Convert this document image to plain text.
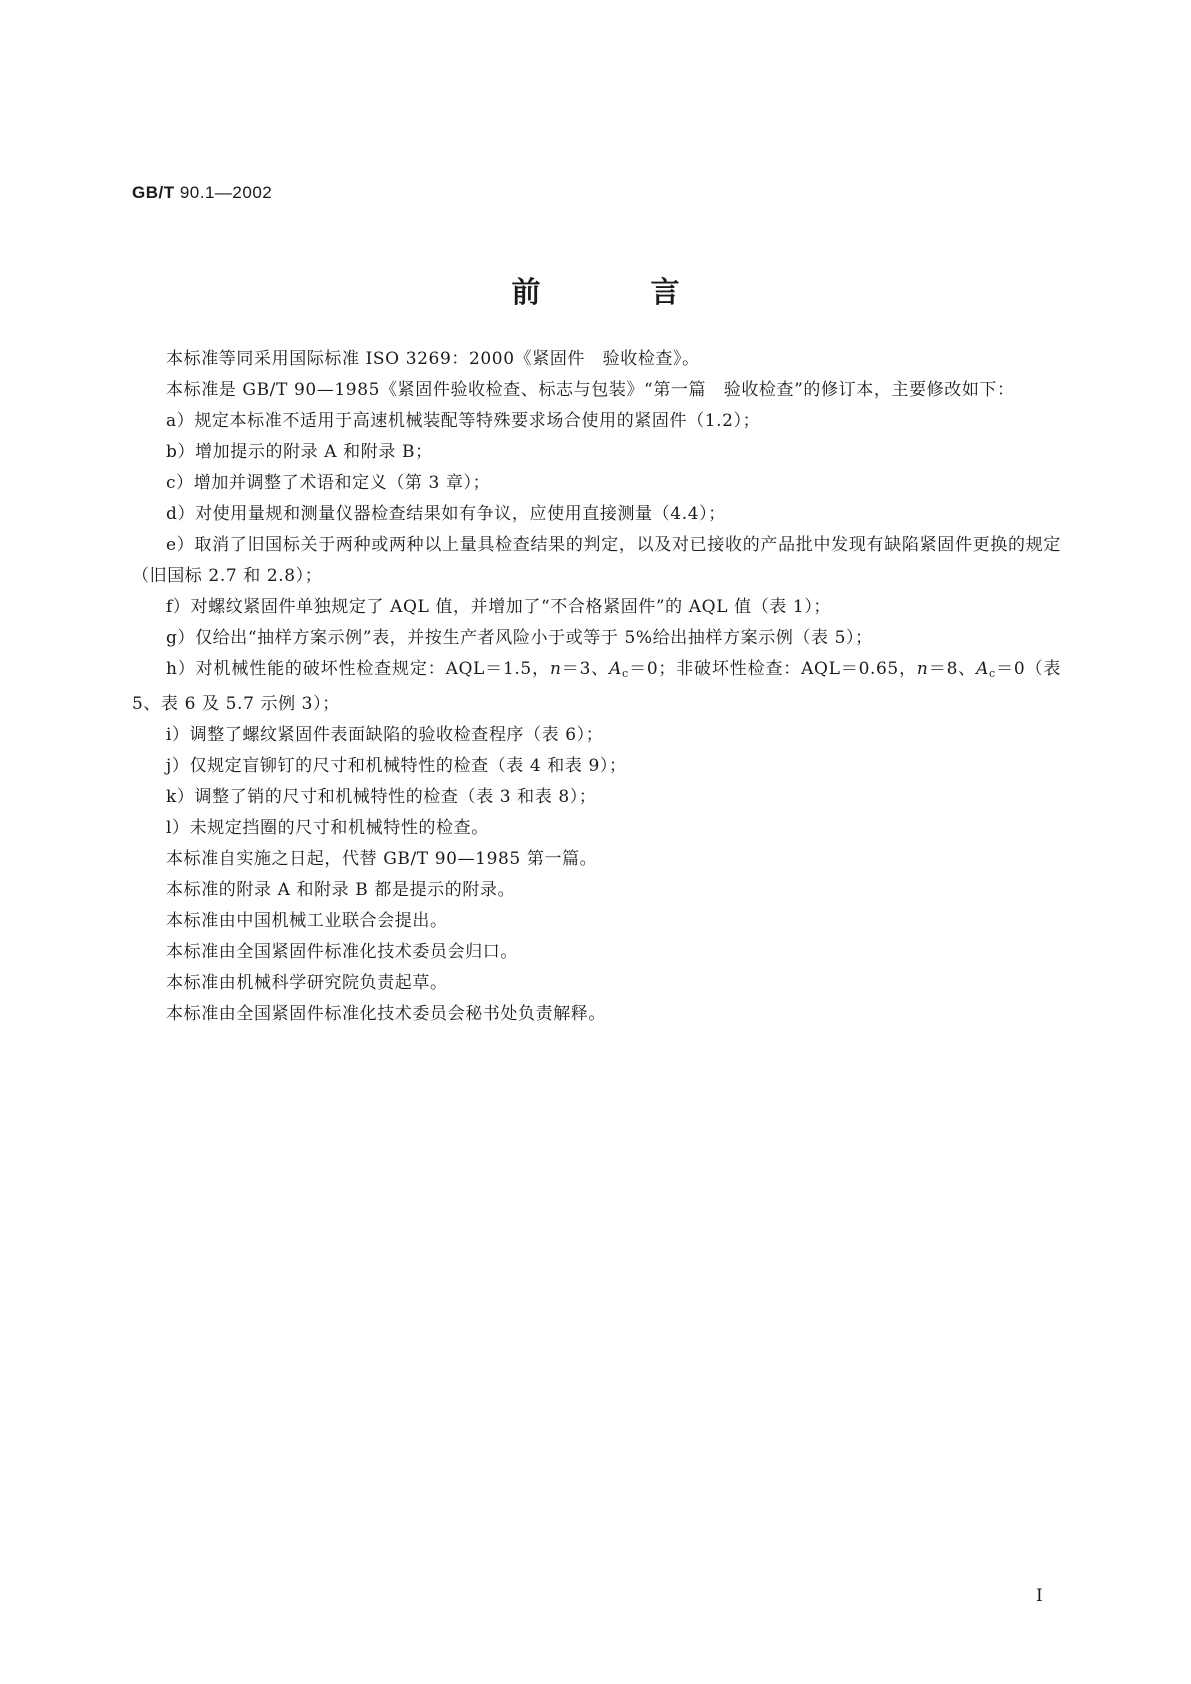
GB/T 90.1—2002
前	言

本标准等同采用国际标准 ISO 3269：2000《紧固件　验收检查》。

本标准是 GB/T 90—1985《紧固件验收检查、标志与包装》“第一篇　验收检查”的修订本，主要修改如下：

a）规定本标准不适用于高速机械装配等特殊要求场合使用的紧固件（1.2）；

b）增加提示的附录 A 和附录 B；

c）增加并调整了术语和定义（第 3 章）；

d）对使用量规和测量仪器检查结果如有争议，应使用直接测量（4.4）；

e）取消了旧国标关于两种或两种以上量具检查结果的判定，以及对已接收的产品批中发现有缺陷紧固件更换的规定（旧国标 2.7 和 2.8）；

f）对螺纹紧固件单独规定了 AQL 值，并增加了“不合格紧固件”的 AQL 值（表 1）；

g）仅给出“抽样方案示例”表，并按生产者风险小于或等于 5%给出抽样方案示例（表 5）；

h）对机械性能的破坏性检查规定：AQL＝1.5，n＝3、$A_c=0$；非破坏性检查：AQL＝0.65，n＝8、$A_c=0$（表 5、表 6 及 5.7 示例 3）；

i）调整了螺纹紧固件表面缺陷的验收检查程序（表 6）；

j）仅规定盲铆钉的尺寸和机械特性的检查（表 4 和表 9）；

k）调整了销的尺寸和机械特性的检查（表 3 和表 8）；

l）未规定挡圈的尺寸和机械特性的检查。

本标准自实施之日起，代替 GB/T 90—1985 第一篇。

本标准的附录 A 和附录 B 都是提示的附录。

本标准由中国机械工业联合会提出。

本标准由全国紧固件标准化技术委员会归口。

本标准由机械科学研究院负责起草。

本标准由全国紧固件标准化技术委员会秘书处负责解释。

I
